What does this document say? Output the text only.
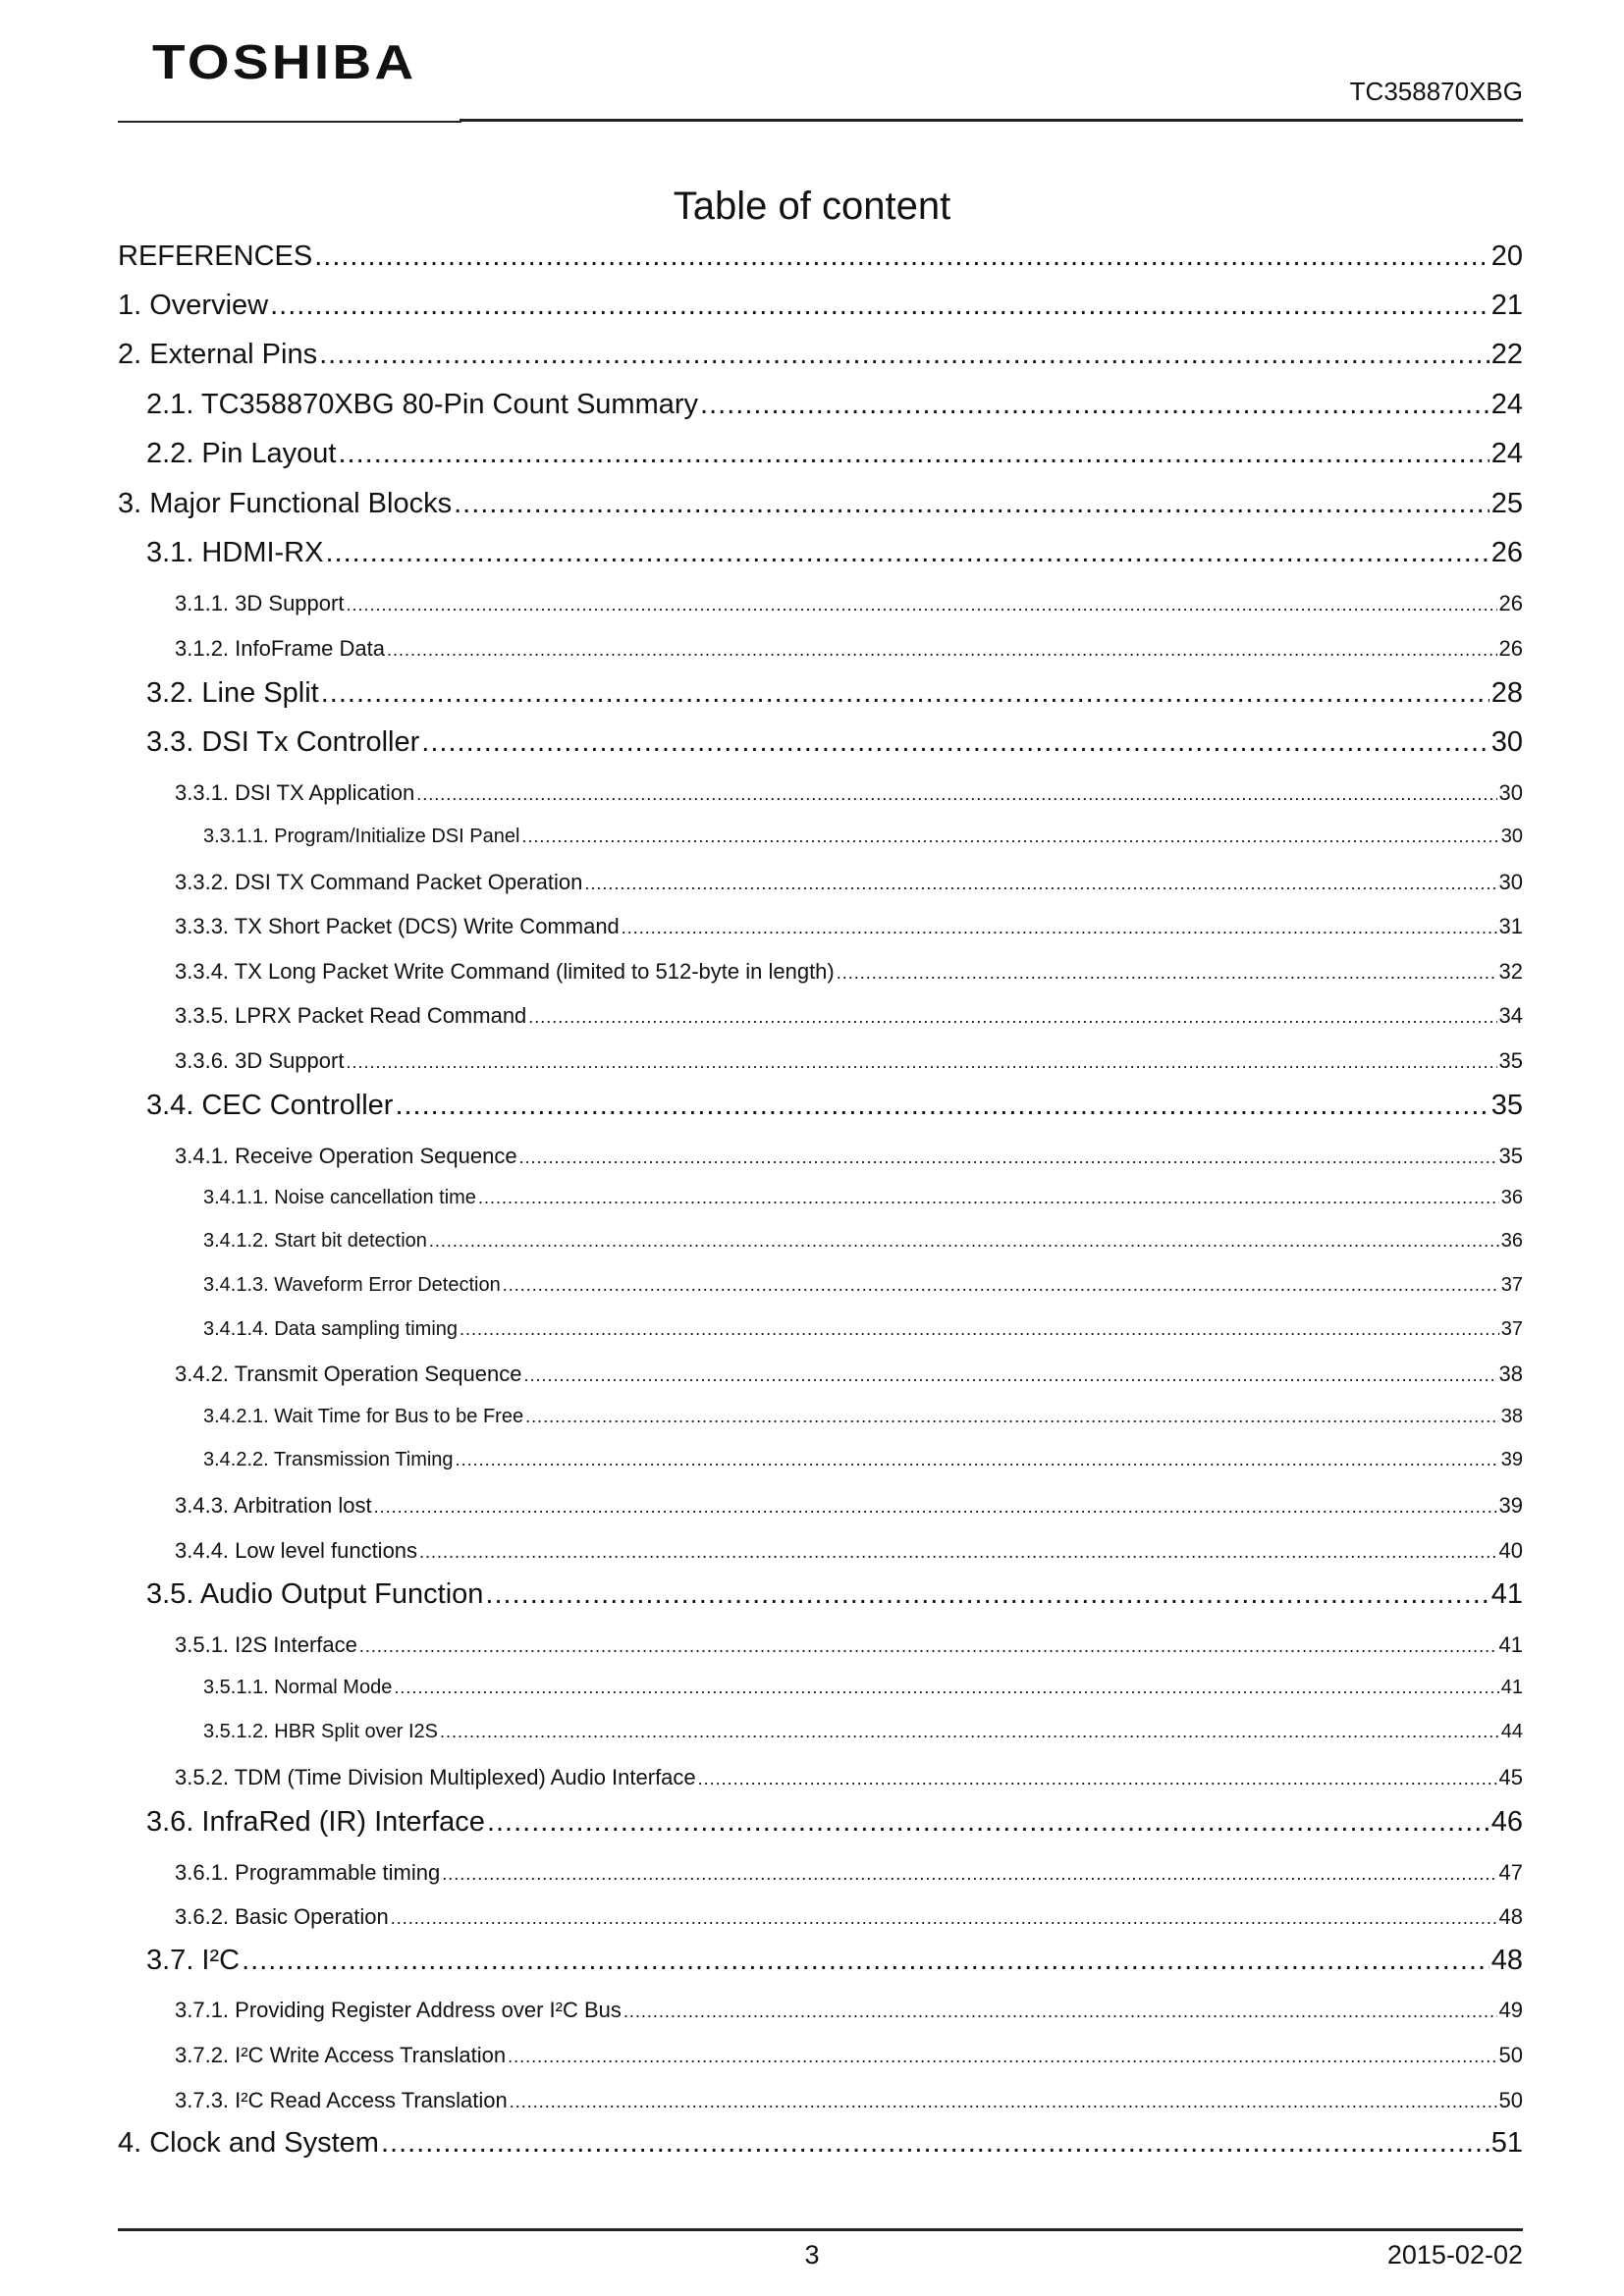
TOSHIBA
TC358870XBG
Table of content
REFERENCES .....	20
1. Overview .....	21
2. External Pins .....	22
2.1. TC358870XBG 80-Pin Count Summary .....	24
2.2. Pin Layout .....	24
3. Major Functional Blocks .....	25
3.1. HDMI-RX .....	26
3.1.1. 3D Support .....	26
3.1.2. InfoFrame Data .....	26
3.2. Line Split .....	28
3.3. DSI Tx Controller .....	30
3.3.1. DSI TX Application .....	30
3.3.1.1. Program/Initialize DSI Panel .....	30
3.3.2. DSI TX Command Packet Operation .....	30
3.3.3. TX Short Packet (DCS) Write Command .....	31
3.3.4. TX Long Packet Write Command (limited to 512-byte in length) .....	32
3.3.5. LPRX Packet Read Command .....	34
3.3.6. 3D Support .....	35
3.4. CEC Controller .....	35
3.4.1. Receive Operation Sequence .....	35
3.4.1.1. Noise cancellation time .....	36
3.4.1.2. Start bit detection .....	36
3.4.1.3. Waveform Error Detection .....	37
3.4.1.4. Data sampling timing .....	37
3.4.2. Transmit Operation Sequence .....	38
3.4.2.1. Wait Time for Bus to be Free .....	38
3.4.2.2. Transmission Timing .....	39
3.4.3. Arbitration lost .....	39
3.4.4. Low level functions .....	40
3.5. Audio Output Function .....	41
3.5.1. I2S Interface .....	41
3.5.1.1. Normal Mode .....	41
3.5.1.2. HBR Split over I2S .....	44
3.5.2. TDM (Time Division Multiplexed) Audio Interface .....	45
3.6. InfraRed (IR) Interface .....	46
3.6.1. Programmable timing .....	47
3.6.2. Basic Operation .....	48
3.7. I²C .....	48
3.7.1. Providing Register Address over I²C Bus .....	49
3.7.2. I²C Write Access Translation .....	50
3.7.3. I²C Read Access Translation .....	50
4. Clock and System .....	51
3	2015-02-02
